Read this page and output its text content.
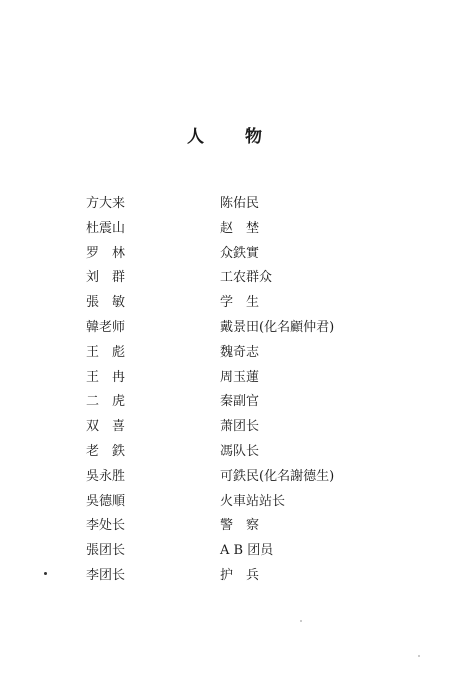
人 物
方大来
杜震山
罗　林
刘　群
張　敏
韓老师
王　彪
王　冉
二　虎
双　喜
老　鉄
吳永胜
吳德順
李处长
張团长
李团长
陈佑民
赵　埜
众鉄實
工农群众
学　生
戴景田(化名顧仲君)
魏奇志
周玉蓮
秦副官
萧团长
馮队长
可鉄民(化名謝德生)
火車站站长
警　察
A B 团员
护　兵
